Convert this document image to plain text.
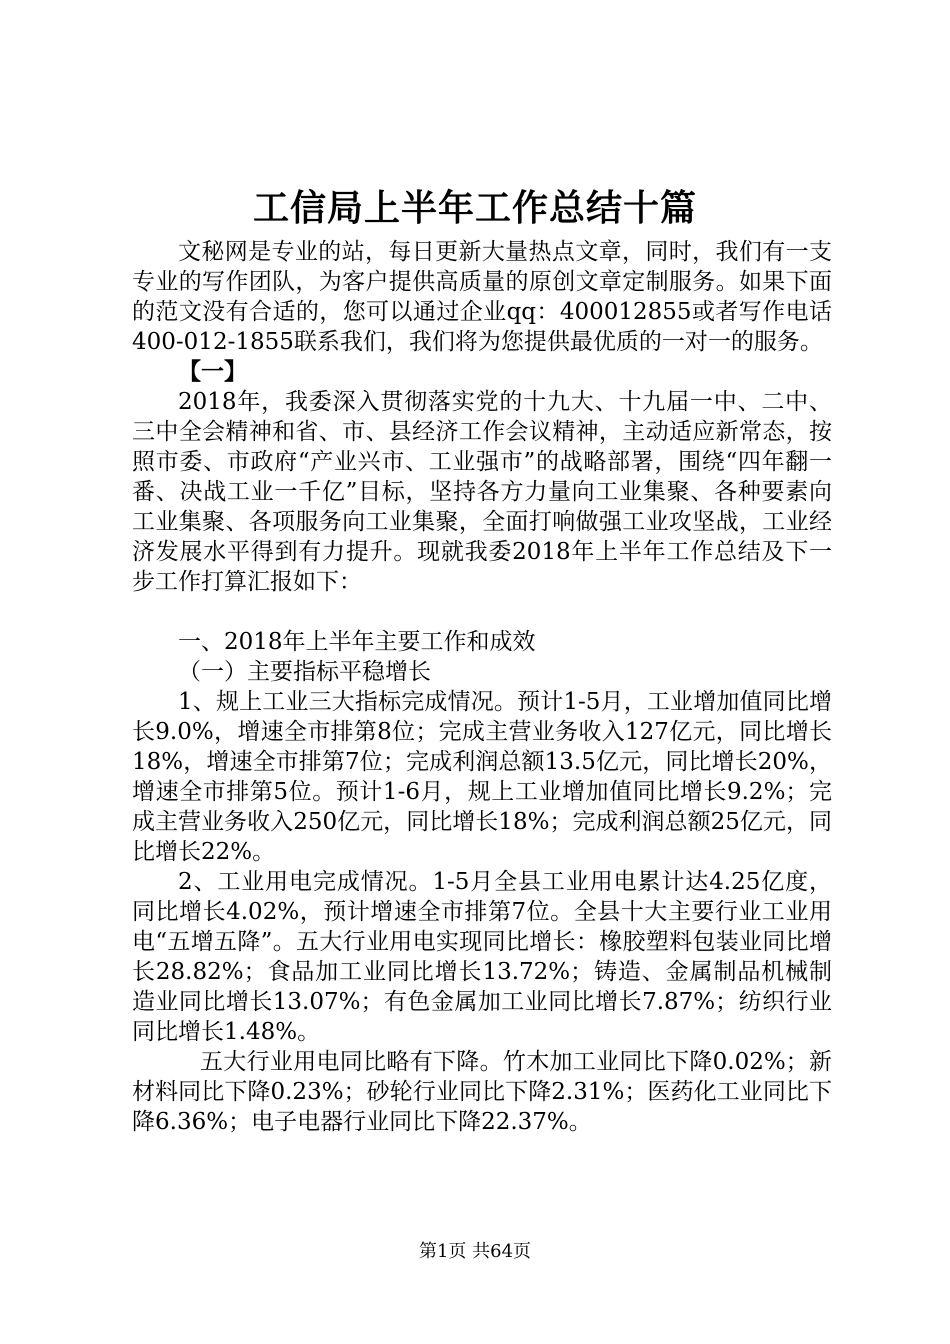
工信局上半年工作总结十篇

文秘网是专业的站，每日更新大量热点文章，同时，我们有一支专业的写作团队，为客户提供高质量的原创文章定制服务。如果下面的范文没有合适的，您可以通过企业qq：400012855或者写作电话400-012-1855联系我们，我们将为您提供最优质的一对一的服务。

【一】

2018年，我委深入贯彻落实党的十九大、十九届一中、二中、三中全会精神和省、市、县经济工作会议精神，主动适应新常态，按照市委、市政府“产业兴市、工业强市”的战略部署，围绕“四年翻一番、决战工业一千亿”目标，坚持各方力量向工业集聚、各种要素向工业集聚、各项服务向工业集聚，全面打响做强工业攻坚战，工业经济发展水平得到有力提升。现就我委2018年上半年工作总结及下一步工作打算汇报如下：

一、2018年上半年主要工作和成效

（一）主要指标平稳增长

1、规上工业三大指标完成情况。预计1-5月，工业增加值同比增长9.0%，增速全市排第8位；完成主营业务收入127亿元，同比增长18%，增速全市排第7位；完成利润总额13.5亿元，同比增长20%，增速全市排第5位。预计1-6月，规上工业增加值同比增长9.2%；完成主营业务收入250亿元，同比增长18%；完成利润总额25亿元，同比增长22%。

2、工业用电完成情况。1-5月全县工业用电累计达4.25亿度，同比增长4.02%，预计增速全市排第7位。全县十大主要行业工业用电“五增五降”。五大行业用电实现同比增长：橡胶塑料包装业同比增长28.82%；食品加工业同比增长13.72%；铸造、金属制品机械制造业同比增长13.07%；有色金属加工业同比增长7.87%；纺织行业同比增长1.48%。

五大行业用电同比略有下降。竹木加工业同比下降0.02%；新材料同比下降0.23%；砂轮行业同比下降2.31%；医药化工业同比下降6.36%；电子电器行业同比下降22.37%。

第1页 共64页
